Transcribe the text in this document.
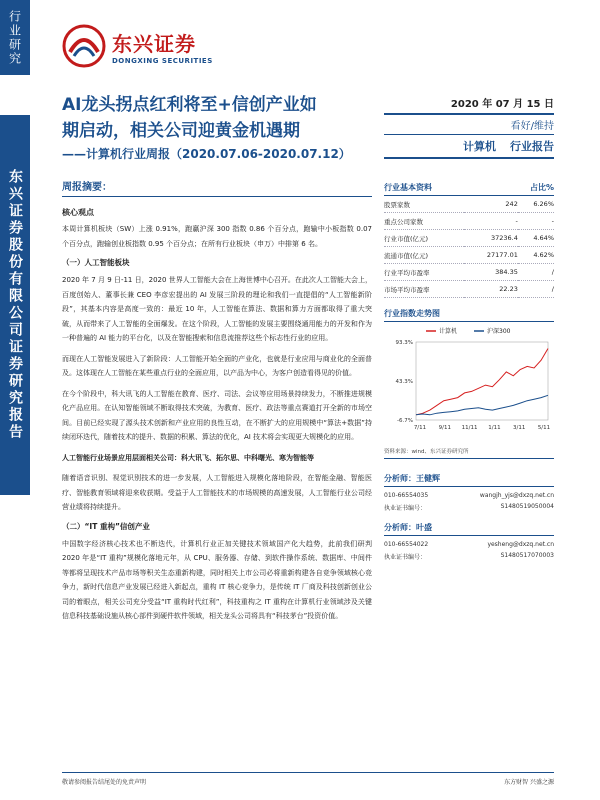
行业研究
东兴证券股份有限公司证券研究报告
东兴证券
DONGXING SECURITIES
AI龙头拐点红利将至+信创产业如
期启动，相关公司迎黄金机遇期
——计算机行业周报（2020.07.06-2020.07.12）
2020 年 07 月 15 日
看好/维持
计算机 行业报告
周报摘要：
核心观点

本周计算机板块（SW）上涨 0.91%，跑赢沪深 300 指数 0.86 个百分点，跑输中小板指数 0.07 个百分点，跑输创业板指数 0.95 个百分点；在所有行业板块（申万）中排第 6 名。

（一）人工智能板块

2020 年 7 月 9 日-11 日，2020 世界人工智能大会在上海世博中心召开。在此次人工智能大会上，百度创始人、董事长兼 CEO 李彦宏提出的 AI 发展三阶段的理论和我们一直提倡的“人工智能新阶段”，其基本内容是高度一致的：最近 10 年，人工智能在算法、数据和算力方面都取得了重大突破，从而带来了人工智能的全面爆发。在这个阶段，人工智能的发展主要围绕通用能力的开发和作为一种普遍的 AI 能力的平台化，以及在智能搜索和信息流推荐这些个标志性行业的应用。

而现在人工智能发展进入了新阶段：人工智能开始全面的产业化，也就是行业应用与商业化的全面普及。这体现在人工智能在某些重点行业的全面应用，以产品为中心，为客户创造看得见的价值。

在今个阶段中，科大讯飞的人工智能在教育、医疗、司法、会议等应用场景持续发力，不断推进规模化产品应用。在认知智能领域不断取得技术突破，为教育、医疗、政法等重点赛道打开全新的市场空间。目前已经实现了源头技术创新和产业应用的良性互动，在不断扩大的应用规模中“算法+数据”持续闭环迭代，随着技术的提升、数据的积累、算法的优化，AI 技术将会实现更大规模化的应用。

人工智能行业场景应用层面相关公司：科大讯飞、拓尔思、中科曙光、寒为智能等

随着语音识别、视觉识别技术的进一步发展，人工智能进入规模化落地阶段，在智能金融、智能医疗、智能教育领域将迎来收获期。受益于人工智能技术的市场规模的高速发展，人工智能行业公司经营业绩将持续提升。

（二）“IT 重构”信创产业

中国数字经济核心技术也不断迭代，计算机行业正加关键技术领域国产化大趋势，此前我们研判 2020 年是“IT 重构”规模化落地元年，从 CPU、服务器、存储、到软件操作系统、数据库、中间件等都将呈现技术产品市场等积关生态重新构建，同时相关上市公司必将重新构建各自竞争领域核心竞争力，新时代信息产业发展已经进入新起点，重构 IT 核心竞争力，是传统 IT 厂商及科技创新创业公司的着眼点，相关公司充分受益“IT 重构时代红利”，科技重构之 IT 重构在计算机行业领域涉及关键信息科技基础设施从核心部件到硬件软件领域，相关龙头公司将具有“科技茅台”投资价值。

行业基本资料	占比%
股票家数	242	6.26%
重点公司家数	-	-
行业市值(亿元)	37236.4	4.64%
流通市值(亿元)	27177.01	4.62%
行业平均市盈率	384.35	/
市场平均市盈率	22.23	/
行业指数走势图
93.3%
43.3%
-6.7%
7/11 9/11 11/11 1/11 3/11 5/11
计算机	沪深300
资料来源：wind、东兴证券研究所
分析师：王健辉
010-66554035	wangjh_yjs@dxzq.net.cn
执业证书编号：	S1480519050004
分析师：叶盛
010-66554022	yesheng@dxzq.net.cn
执业证书编号：	S1480517070003
敬请参阅报告结尾处的免责声明	东方财智 兴盛之源
